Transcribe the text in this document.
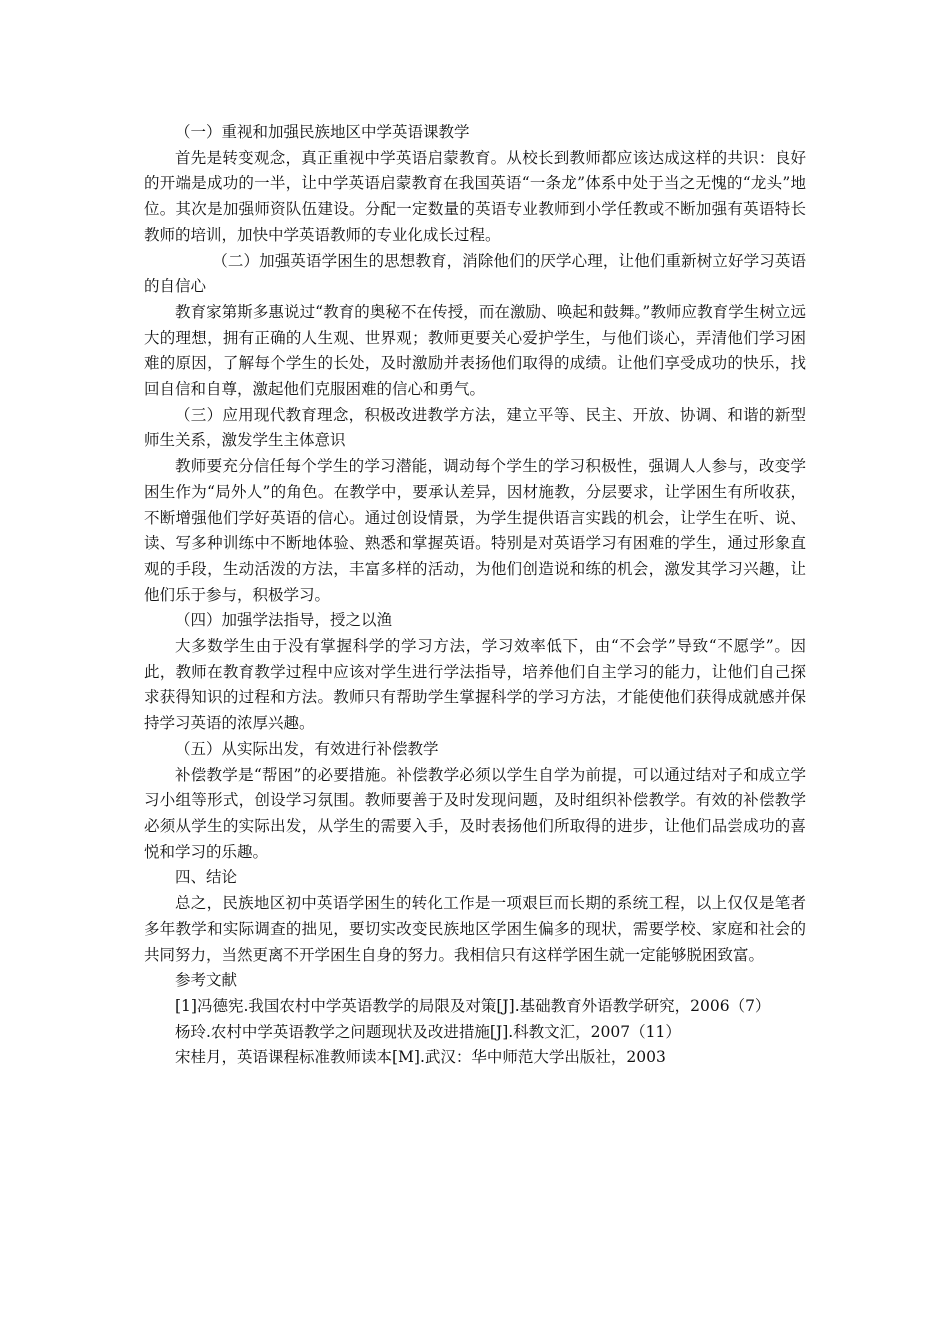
（一）重视和加强民族地区中学英语课教学

首先是转变观念，真正重视中学英语启蒙教育。从校长到教师都应该达成这样的共识：良好的开端是成功的一半，让中学英语启蒙教育在我国英语“一条龙”体系中处于当之无愧的“龙头”地位。其次是加强师资队伍建设。分配一定数量的英语专业教师到小学任教或不断加强有英语特长教师的培训，加快中学英语教师的专业化成长过程。

（二）加强英语学困生的思想教育，消除他们的厌学心理，让他们重新树立好学习英语的自信心

教育家第斯多惠说过“教育的奥秘不在传授，而在激励、唤起和鼓舞。”教师应教育学生树立远大的理想，拥有正确的人生观、世界观；教师更要关心爱护学生，与他们谈心，弄清他们学习困难的原因，了解每个学生的长处，及时激励并表扬他们取得的成绩。让他们享受成功的快乐，找回自信和自尊，激起他们克服困难的信心和勇气。

（三）应用现代教育理念，积极改进教学方法，建立平等、民主、开放、协调、和谐的新型师生关系，激发学生主体意识

教师要充分信任每个学生的学习潜能，调动每个学生的学习积极性，强调人人参与，改变学困生作为“局外人”的角色。在教学中，要承认差异，因材施教，分层要求，让学困生有所收获，不断增强他们学好英语的信心。通过创设情景，为学生提供语言实践的机会，让学生在听、说、读、写多种训练中不断地体验、熟悉和掌握英语。特别是对英语学习有困难的学生，通过形象直观的手段，生动活泼的方法，丰富多样的活动，为他们创造说和练的机会，激发其学习兴趣，让他们乐于参与，积极学习。

（四）加强学法指导，授之以渔

大多数学生由于没有掌握科学的学习方法，学习效率低下，由“不会学”导致“不愿学”。因此，教师在教育教学过程中应该对学生进行学法指导，培养他们自主学习的能力，让他们自己探求获得知识的过程和方法。教师只有帮助学生掌握科学的学习方法，才能使他们获得成就感并保持学习英语的浓厚兴趣。

（五）从实际出发，有效进行补偿教学

补偿教学是“帮困”的必要措施。补偿教学必须以学生自学为前提，可以通过结对子和成立学习小组等形式，创设学习氛围。教师要善于及时发现问题，及时组织补偿教学。有效的补偿教学必须从学生的实际出发，从学生的需要入手，及时表扬他们所取得的进步，让他们品尝成功的喜悦和学习的乐趣。

四、结论

总之，民族地区初中英语学困生的转化工作是一项艰巨而长期的系统工程，以上仅仅是笔者多年教学和实际调查的拙见，要切实改变民族地区学困生偏多的现状，需要学校、家庭和社会的共同努力，当然更离不开学困生自身的努力。我相信只有这样学困生就一定能够脱困致富。

参考文献

[1]冯德宪.我国农村中学英语教学的局限及对策[J].基础教育外语教学研究，2006（7）

杨玲.农村中学英语教学之问题现状及改进措施[J].科教文汇，2007（11）

宋桂月，英语课程标准教师读本[M].武汉：华中师范大学出版社，2003
